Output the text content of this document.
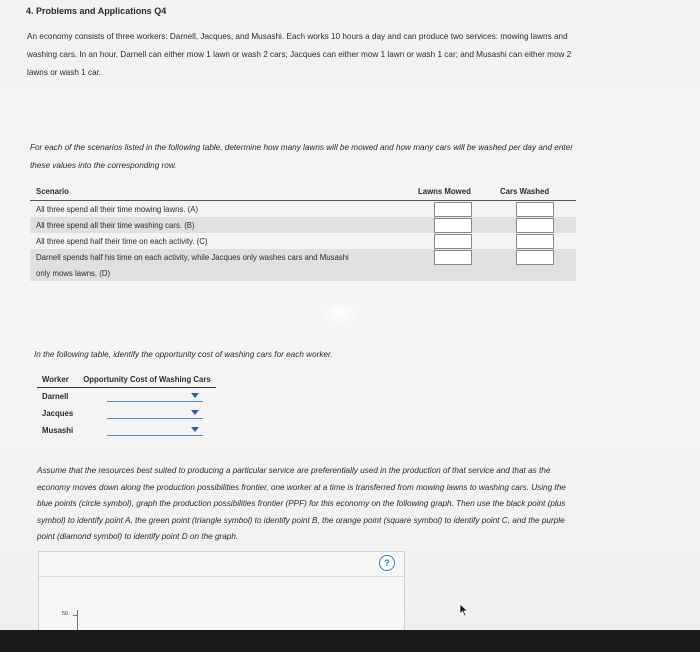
4. Problems and Applications Q4
An economy consists of three workers: Darnell, Jacques, and Musashi. Each works 10 hours a day and can produce two services: mowing lawns and
washing cars. In an hour, Darnell can either mow 1 lawn or wash 2 cars; Jacques can either mow 1 lawn or wash 1 car; and Musashi can either mow 2
lawns or wash 1 car.
For each of the scenarios listed in the following table, determine how many lawns will be mowed and how many cars will be washed per day and enter
these values into the corresponding row.
Scenario	Lawns Mowed	Cars Washed
All three spend all their time mowing lawns. (A)		
All three spend all their time washing cars. (B)		
All three spend half their time on each activity. (C)		
Darnell spends half his time on each activity, while Jacques only washes cars and Musashi		
only mows lawns. (D)		
In the following table, identify the opportunity cost of washing cars for each worker.
Worker	Opportunity Cost of Washing Cars
Darnell	

Jacques	

Musashi	
Assume that the resources best suited to producing a particular service are preferentially used in the production of that service and that as the
economy moves down along the production possibilities frontier, one worker at a time is transferred from mowing lawns to washing cars. Using the
blue points (circle symbol), graph the production possibilities frontier (PPF) for this economy on the following graph. Then use the black point (plus
symbol) to identify point A, the green point (triangle symbol) to identify point B, the orange point (square symbol) to identify point C, and the purple
point (diamond symbol) to identify point D on the graph.
?
50
